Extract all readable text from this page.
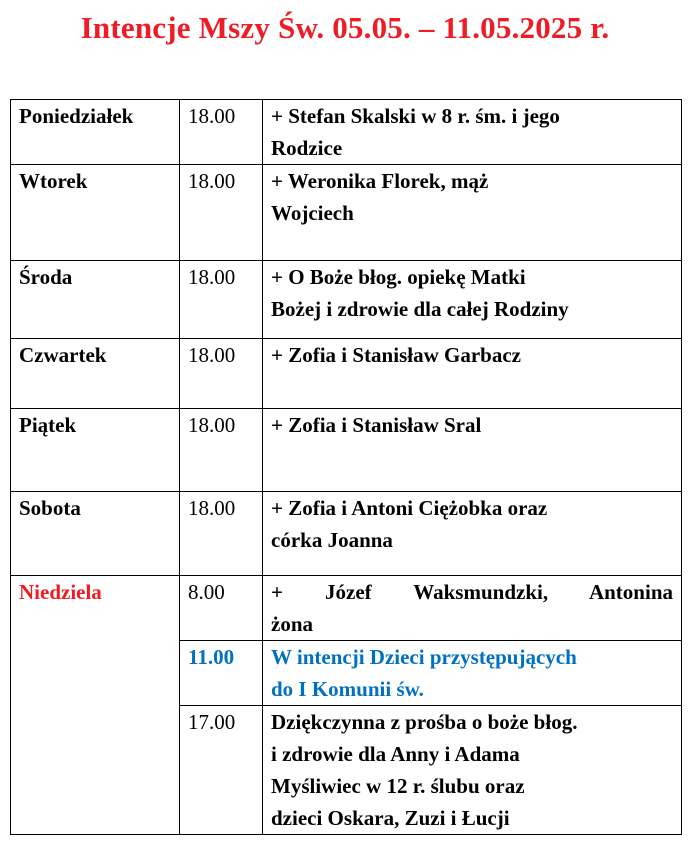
Intencje Mszy Św. 05.05. – 11.05.2025 r.
Poniedziałek	18.00	+ Stefan Skalski w 8 r. śm. i jego
Rodzice

Wtorek	18.00	+ Weronika Florek, mąż
Wojciech

Środa	18.00	+ O Boże błog. opiekę Matki
Bożej i zdrowie dla całej Rodziny

Czwartek	18.00	+ Zofia i Stanisław Garbacz

Piątek	18.00	+ Zofia i Stanisław Sral

Sobota	18.00	+ Zofia i Antoni Ciężobka oraz
córka Joanna

Niedziela	8.00	+ Józef Waksmundzki, Antonina
żona

	11.00	W intencji Dzieci przystępujących
do I Komunii św.

	17.00	Dziękczynna z prośba o boże błog.
i zdrowie dla Anny i Adama
Myśliwiec w 12 r. ślubu oraz
dzieci Oskara, Zuzi i Łucji
